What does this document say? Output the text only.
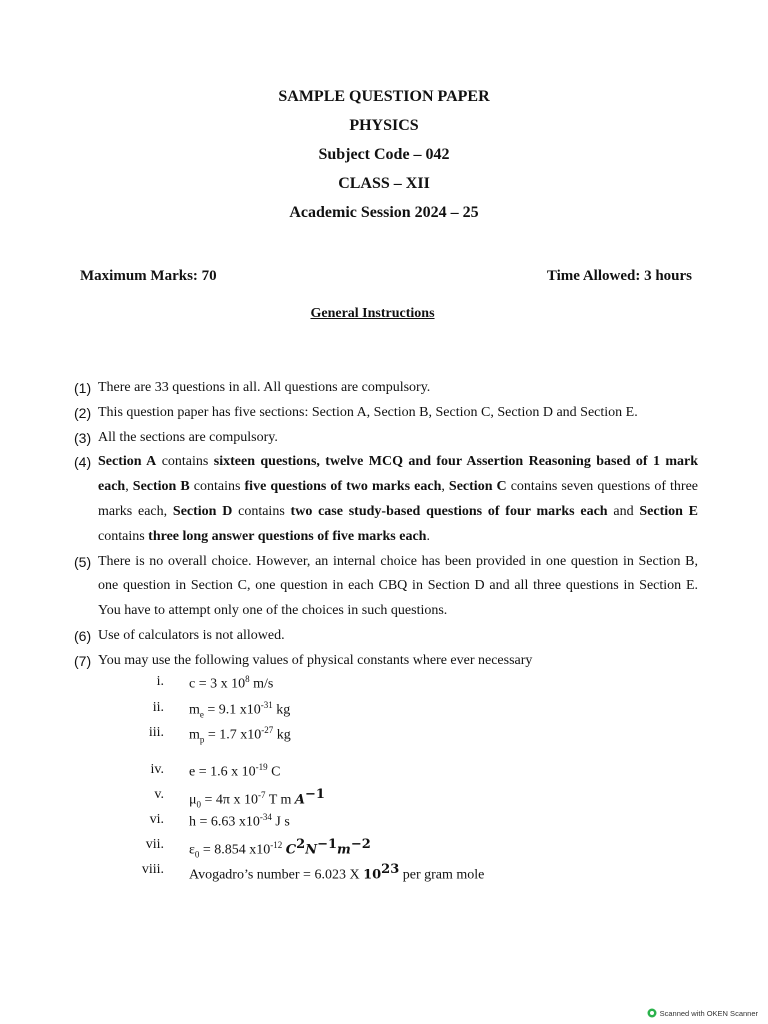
SAMPLE QUESTION PAPER
PHYSICS
Subject Code – 042
CLASS – XII
Academic Session 2024 – 25
Maximum Marks: 70	Time Allowed: 3 hours
General Instructions
(1) There are 33 questions in all. All questions are compulsory.
(2) This question paper has five sections: Section A, Section B, Section C, Section D and Section E.
(3) All the sections are compulsory.
(4) Section A contains sixteen questions, twelve MCQ and four Assertion Reasoning based of 1 mark each, Section B contains five questions of two marks each, Section C contains seven questions of three marks each, Section D contains two case study-based questions of four marks each and Section E contains three long answer questions of five marks each.
(5) There is no overall choice. However, an internal choice has been provided in one question in Section B, one question in Section C, one question in each CBQ in Section D and all three questions in Section E. You have to attempt only one of the choices in such questions.
(6) Use of calculators is not allowed.
(7) You may use the following values of physical constants where ever necessary
i. c = 3 x $10^8$ m/s
ii. $m_e = 9.1$ $x10^{-31}$ kg
iii. $m_p = 1.7$ $x10^{-27}$ kg
iv. e = 1.6 x $10^{-19}$ C
v. $\mu_0 = 4\pi$ x $10^{-7}$ T m $A^{-1}$
vi. h = 6.63 $x10^{-34}$ J s
vii. $\varepsilon_0 = 8.854$ $x10^{-12}$ $C^2N^{-1}m^{-2}$
viii. Avogadro’s number = 6.023 X $10^{23}$ per gram mole
Scanned with OKEN Scanner
